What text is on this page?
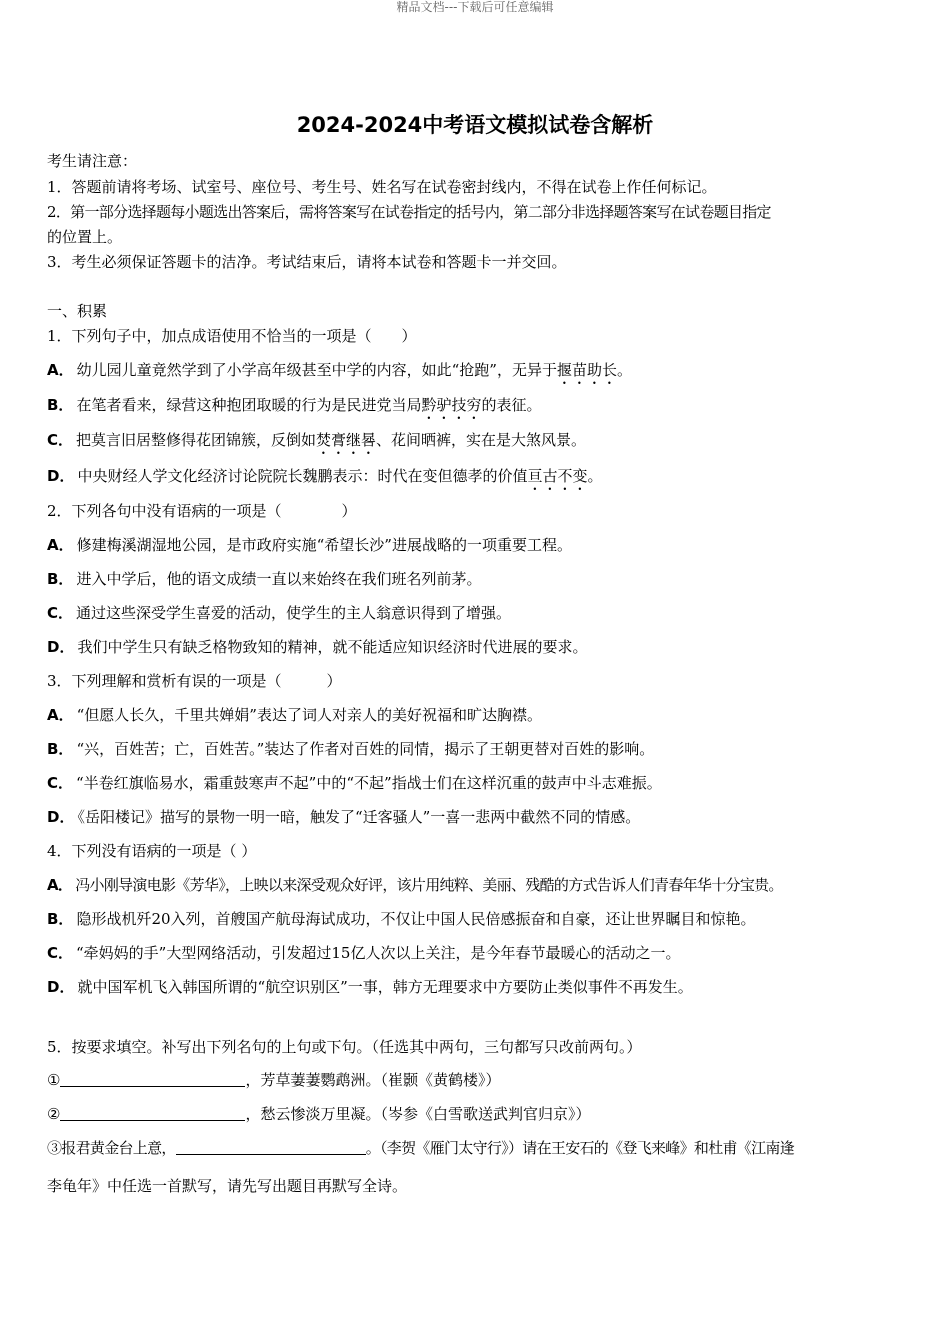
精品文档---下载后可任意编辑
2024-2024中考语文模拟试卷含解析
考生请注意：
1．答题前请将考场、试室号、座位号、考生号、姓名写在试卷密封线内，不得在试卷上作任何标记。
2．第一部分选择题每小题选出答案后，需将答案写在试卷指定的括号内，第二部分非选择题答案写在试卷题目指定
的位置上。
3．考生必须保证答题卡的洁净。考试结束后，请将本试卷和答题卡一并交回。
一、积累
1．下列句子中，加点成语使用不恰当的一项是（　　）
A． 幼儿园儿童竟然学到了小学高年级甚至中学的内容，如此“抢跑”，无异于揠苗助长。
B． 在笔者看来，绿营这种抱团取暖的行为是民进党当局黔驴技穷的表征。
C． 把莫言旧居整修得花团锦簇，反倒如焚膏继晷、花间晒裤，实在是大煞风景。
D． 中央财经人学文化经济讨论院院长魏鹏表示：时代在变但德孝的价值亘古不变。
2．下列各句中没有语病的一项是（　　　　）
A． 修建梅溪湖湿地公园，是市政府实施“希望长沙”进展战略的一项重要工程。
B． 进入中学后，他的语文成绩一直以来始终在我们班名列前茅。
C． 通过这些深受学生喜爱的活动，使学生的主人翁意识得到了增强。
D． 我们中学生只有缺乏格物致知的精神，就不能适应知识经济时代进展的要求。
3．下列理解和赏析有误的一项是（　　　）
A． “但愿人长久，千里共婵娟”表达了词人对亲人的美好祝福和旷达胸襟。
B． “兴，百姓苦；亡，百姓苦。”装达了作者对百姓的同情，揭示了王朝更替对百姓的影响。
C． “半卷红旗临易水，霜重鼓寒声不起”中的“不起”指战士们在这样沉重的鼓声中斗志难振。
D． 《岳阳楼记》描写的景物一明一暗，触发了“迁客骚人”一喜一悲两中截然不同的情感。
4．下列没有语病的一项是（ ）
A． 冯小刚导演电影《芳华》，上映以来深受观众好评，该片用纯粹、美丽、残酷的方式告诉人们青春年华十分宝贵。
B． 隐形战机歼20入列，首艘国产航母海试成功，不仅让中国人民倍感振奋和自豪，还让世界瞩目和惊艳。
C． “牵妈妈的手”大型网络活动，引发超过15亿人次以上关注，是今年春节最暖心的活动之一。
D． 就中国军机飞入韩国所谓的“航空识别区”一事，韩方无理要求中方要防止类似事件不再发生。
5．按要求填空。补写出下列名句的上句或下句。（任选其中两句，三句都写只改前两句。）
①	，芳草萋萋鹦鹉洲。（崔颢《黄鹤楼》）
②	，愁云惨淡万里凝。（岑参《白雪歌送武判官归京》）
③报君黄金台上意，	。（李贺《雁门太守行》）请在王安石的《登飞来峰》和杜甫《江南逢
李龟年》中任选一首默写，请先写出题目再默写全诗。
